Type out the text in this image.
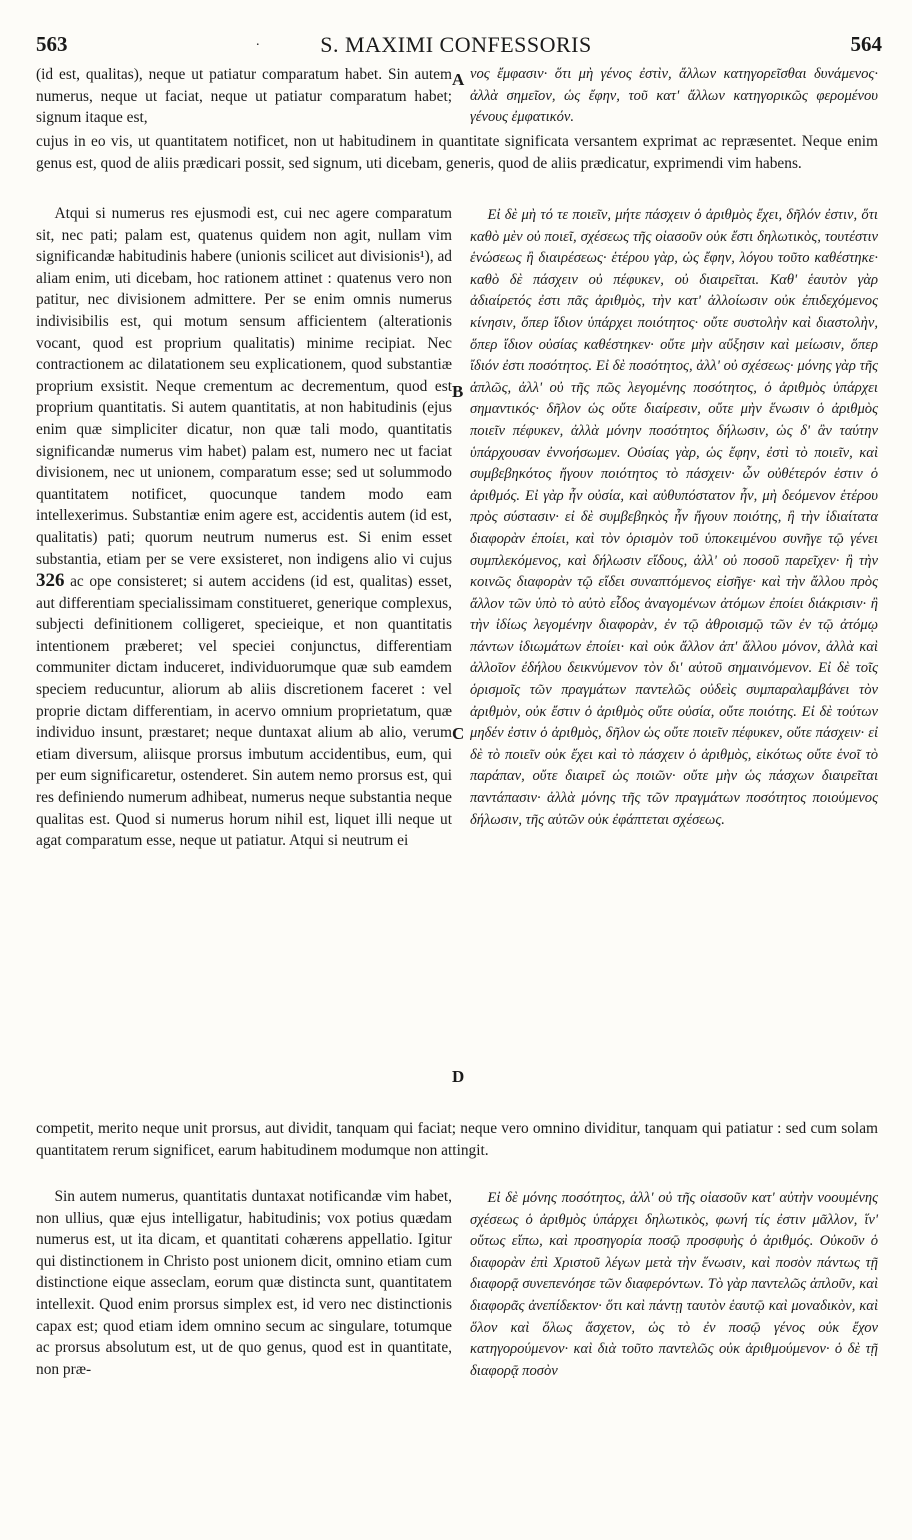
563	.	S. MAXIMI CONFESSORIS	564
A
B
C
D

(id est, qualitas), neque ut patiatur comparatum habet. Sin autem numerus, neque ut faciat, neque ut patiatur comparatum habet; signum itaque est,

νος ἔμφασιν· ὅτι μὴ γένος ἐστὶν, ἄλλων κατηγορεῖσθαι δυνάμενος· ἀλλὰ σημεῖον, ὡς ἔφην, τοῦ κατ' ἄλλων κατηγορικῶς φερομένου γένους ἐμφατικόν.

cujus in eo vis, ut quantitatem notificet, non ut habitudinem in quantitate significata versantem exprimat ac repræsentet. Neque enim genus est, quod de aliis prædicari possit, sed signum, uti dicebam, generis, quod de aliis prædicatur, exprimendi vim habens.

Atqui si numerus res ejusmodi est, cui nec agere comparatum sit, nec pati; palam est, quatenus quidem non agit, nullam vim significandæ habitudinis habere (unionis scilicet aut divisionis¹), ad aliam enim, uti dicebam, hoc rationem attinet : quatenus vero non patitur, nec divisionem admittere. Per se enim omnis numerus indivisibilis est, qui motum sensum afficientem (alterationis vocant, quod est proprium qualitatis) minime recipiat. Nec contractionem ac dilatationem seu explicationem, quod substantiæ proprium exsistit. Neque crementum ac decrementum, quod est proprium quantitatis. Si autem quantitatis, at non habitudinis (ejus enim quæ simpliciter dicatur, non quæ tali modo, quantitatis significandæ numerus vim habet) palam est, numero nec ut faciat divisionem, nec ut unionem, comparatum esse; sed ut solummodo quantitatem notificet, quocunque tandem modo eam intellexerimus. Substantiæ enim agere est, accidentis autem (id est, qualitatis) pati; quorum neutrum numerus est. Si enim esset substantia, etiam per se vere exsisteret, non indigens alio vi cujus 326 ac ope consisteret; si autem accidens (id est, qualitas) esset, aut differentiam specialissimam constitueret, generique complexus, subjecti definitionem colligeret, specieique, et non quantitatis intentionem præberet; vel speciei conjunctus, differentiam communiter dictam induceret, individuorumque quæ sub eamdem speciem reducuntur, aliorum ab aliis discretionem faceret : vel proprie dictam differentiam, in acervo omnium proprietatum, quæ individuo insunt, præstaret; neque duntaxat alium ab alio, verum etiam diversum, aliisque prorsus imbutum accidentibus, eum, qui per eum significaretur, ostenderet. Sin autem nemo prorsus est, qui res definiendo numerum adhibeat, numerus neque substantia neque qualitas est. Quod si numerus horum nihil est, liquet illi neque ut agat comparatum esse, neque ut patiatur. Atqui si neutrum ei

Εἰ δὲ μὴ τό τε ποιεῖν, μήτε πάσχειν ὁ ἀριθμὸς ἔχει, δῆλόν ἐστιν, ὅτι καθὸ μὲν οὐ ποιεῖ, σχέσεως τῆς οἱασοῦν οὐκ ἔστι δηλωτικὸς, τουτέστιν ἑνώσεως ἢ διαιρέσεως· ἑτέρου γὰρ, ὡς ἔφην, λόγου τοῦτο καθέστηκε· καθὸ δὲ πάσχειν οὐ πέφυκεν, οὐ διαιρεῖται. Καθ' ἑαυτὸν γὰρ ἀδιαίρετός ἐστι πᾶς ἀριθμὸς, τὴν κατ' ἀλλοίωσιν οὐκ ἐπιδεχόμενος κίνησιν, ὅπερ ἴδιον ὑπάρχει ποιότητος· οὔτε συστολὴν καὶ διαστολὴν, ὅπερ ἴδιον οὐσίας καθέστηκεν· οὔτε μὴν αὔξησιν καὶ μείωσιν, ὅπερ ἴδιόν ἐστι ποσότητος. Εἰ δὲ ποσότητος, ἀλλ' οὐ σχέσεως· μόνης γὰρ τῆς ἁπλῶς, ἀλλ' οὐ τῆς πῶς λεγομένης ποσότητος, ὁ ἀριθμὸς ὑπάρχει σημαντικός· δῆλον ὡς οὔτε διαίρεσιν, οὔτε μὴν ἕνωσιν ὁ ἀριθμὸς ποιεῖν πέφυκεν, ἀλλὰ μόνην ποσότητος δήλωσιν, ὡς δ' ἂν ταύτην ὑπάρχουσαν ἐννοήσωμεν. Οὐσίας γὰρ, ὡς ἔφην, ἐστὶ τὸ ποιεῖν, καὶ συμβεβηκότος ἤγουν ποιότητος τὸ πάσχειν· ὧν οὐθέτερόν ἐστιν ὁ ἀριθμός. Εἰ γὰρ ἦν οὐσία, καὶ αὐθυπόστατον ἦν, μὴ δεόμενον ἑτέρου πρὸς σύστασιν· εἰ δὲ συμβεβηκὸς ἦν ἤγουν ποιότης, ἢ τὴν ἰδιαίτατα διαφορὰν ἐποίει, καὶ τὸν ὁρισμὸν τοῦ ὑποκειμένου συνῆγε τῷ γένει συμπλεκόμενος, καὶ δήλωσιν εἴδους, ἀλλ' οὐ ποσοῦ παρεῖχεν· ἢ τὴν κοινῶς διαφορὰν τῷ εἴδει συναπτόμενος εἰσῆγε· καὶ τὴν ἄλλου πρὸς ἄλλον τῶν ὑπὸ τὸ αὐτὸ εἶδος ἀναγομένων ἀτόμων ἐποίει διάκρισιν· ἢ τὴν ἰδίως λεγομένην διαφορὰν, ἐν τῷ ἀθροισμῷ τῶν ἐν τῷ ἀτόμῳ πάντων ἰδιωμάτων ἐποίει· καὶ οὐκ ἄλλον ἀπ' ἄλλου μόνον, ἀλλὰ καὶ ἀλλοῖον ἐδήλου δεικνύμενον τὸν δι' αὐτοῦ σημαινόμενον. Εἰ δὲ τοῖς ὁρισμοῖς τῶν πραγμάτων παντελῶς οὐδεὶς συμπαραλαμβάνει τὸν ἀριθμὸν, οὐκ ἔστιν ὁ ἀριθμὸς οὔτε οὐσία, οὔτε ποιότης. Εἰ δὲ τούτων μηδέν ἐστιν ὁ ἀριθμὸς, δῆλον ὡς οὔτε ποιεῖν πέφυκεν, οὔτε πάσχειν· εἰ δὲ τὸ ποιεῖν οὐκ ἔχει καὶ τὸ πάσχειν ὁ ἀριθμὸς, εἰκότως οὔτε ἑνοῖ τὸ παράπαν, οὔτε διαιρεῖ ὡς ποιῶν· οὔτε μὴν ὡς πάσχων διαιρεῖται παντάπασιν· ἀλλὰ μόνης τῆς τῶν πραγμάτων ποσότητος ποιούμενος δήλωσιν, τῆς αὐτῶν οὐκ ἐφάπτεται σχέσεως.

competit, merito neque unit prorsus, aut dividit, tanquam qui faciat; neque vero omnino dividitur, tanquam qui patiatur : sed cum solam quantitatem rerum significet, earum habitudinem modumque non attingit.

Sin autem numerus, quantitatis duntaxat notificandæ vim habet, non ullius, quæ ejus intelligatur, habitudinis; vox potius quædam numerus est, ut ita dicam, et quantitati cohærens appellatio. Igitur qui distinctionem in Christo post unionem dicit, omnino etiam cum distinctione eique asseclam, eorum quæ distincta sunt, quantitatem intellexit. Quod enim prorsus simplex est, id vero nec distinctionis capax est; quod etiam idem omnino secum ac singulare, totumque ac prorsus absolutum est, ut de quo genus, quod est in quantitate, non præ-

Εἰ δὲ μόνης ποσότητος, ἀλλ' οὐ τῆς οἱασοῦν κατ' αὐτὴν νοουμένης σχέσεως ὁ ἀριθμὸς ὑπάρχει δηλωτικὸς, φωνή τίς ἐστιν μᾶλλον, ἵν' οὕτως εἴπω, καὶ προσηγορία ποσῷ προσφυὴς ὁ ἀριθμός. Οὐκοῦν ὁ διαφορὰν ἐπὶ Χριστοῦ λέγων μετὰ τὴν ἕνωσιν, καὶ ποσὸν πάντως τῇ διαφορᾷ συνεπενόησε τῶν διαφερόντων. Τὸ γὰρ παντελῶς ἁπλοῦν, καὶ διαφορᾶς ἀνεπίδεκτον· ὅτι καὶ πάντῃ ταυτὸν ἑαυτῷ καὶ μοναδικὸν, καὶ ὅλον καὶ ὅλως ἄσχετον, ὡς τὸ ἐν ποσῷ γένος οὐκ ἔχον κατηγορούμενον· καὶ διὰ τοῦτο παντελῶς οὐκ ἀριθμούμενον· ὁ δὲ τῇ διαφορᾷ ποσὸν
